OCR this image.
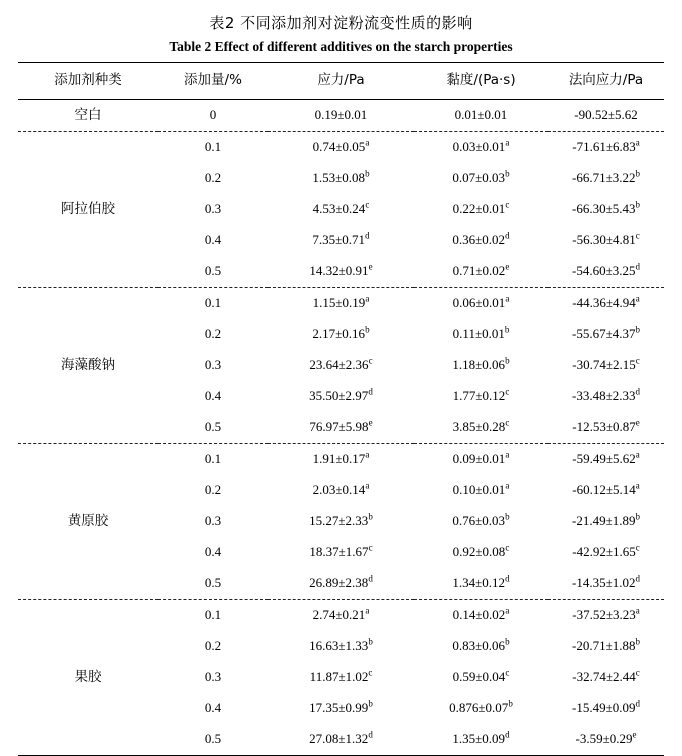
表2 不同添加剂对淀粉流变性质的影响
Table 2 Effect of different additives on the starch properties
添加剂种类	添加量/%	应力/Pa	黏度/(Pa·s)	法向应力/Pa
空白	0	0.19±0.01	0.01±0.01	-90.52±5.62

阿拉伯胶	0.1	0.74±0.05$^a$	0.03±0.01$^a$	-71.61±6.83$^a$
	0.2	1.53±0.08$^b$	0.07±0.03$^b$	-66.71±3.22$^b$
	0.3	4.53±0.24$^c$	0.22±0.01$^c$	-66.30±5.43$^b$
	0.4	7.35±0.71$^d$	0.36±0.02$^d$	-56.30±4.81$^c$
	0.5	14.32±0.91$^e$	0.71±0.02$^e$	-54.60±3.25$^d$

海藻酸钠	0.1	1.15±0.19$^a$	0.06±0.01$^a$	-44.36±4.94$^a$
	0.2	2.17±0.16$^b$	0.11±0.01$^b$	-55.67±4.37$^b$
	0.3	23.64±2.36$^c$	1.18±0.06$^b$	-30.74±2.15$^c$
	0.4	35.50±2.97$^d$	1.77±0.12$^c$	-33.48±2.33$^d$
	0.5	76.97±5.98$^e$	3.85±0.28$^c$	-12.53±0.87$^e$

黄原胶	0.1	1.91±0.17$^a$	0.09±0.01$^a$	-59.49±5.62$^a$
	0.2	2.03±0.14$^a$	0.10±0.01$^a$	-60.12±5.14$^a$
	0.3	15.27±2.33$^b$	0.76±0.03$^b$	-21.49±1.89$^b$
	0.4	18.37±1.67$^c$	0.92±0.08$^c$	-42.92±1.65$^c$
	0.5	26.89±2.38$^d$	1.34±0.12$^d$	-14.35±1.02$^d$

果胶	0.1	2.74±0.21$^a$	0.14±0.02$^a$	-37.52±3.23$^a$
	0.2	16.63±1.33$^b$	0.83±0.06$^b$	-20.71±1.88$^b$
	0.3	11.87±1.02$^c$	0.59±0.04$^c$	-32.74±2.44$^c$
	0.4	17.35±0.99$^b$	0.876±0.07$^b$	-15.49±0.09$^d$
	0.5	27.08±1.32$^d$	1.35±0.09$^d$	-3.59±0.29$^e$
